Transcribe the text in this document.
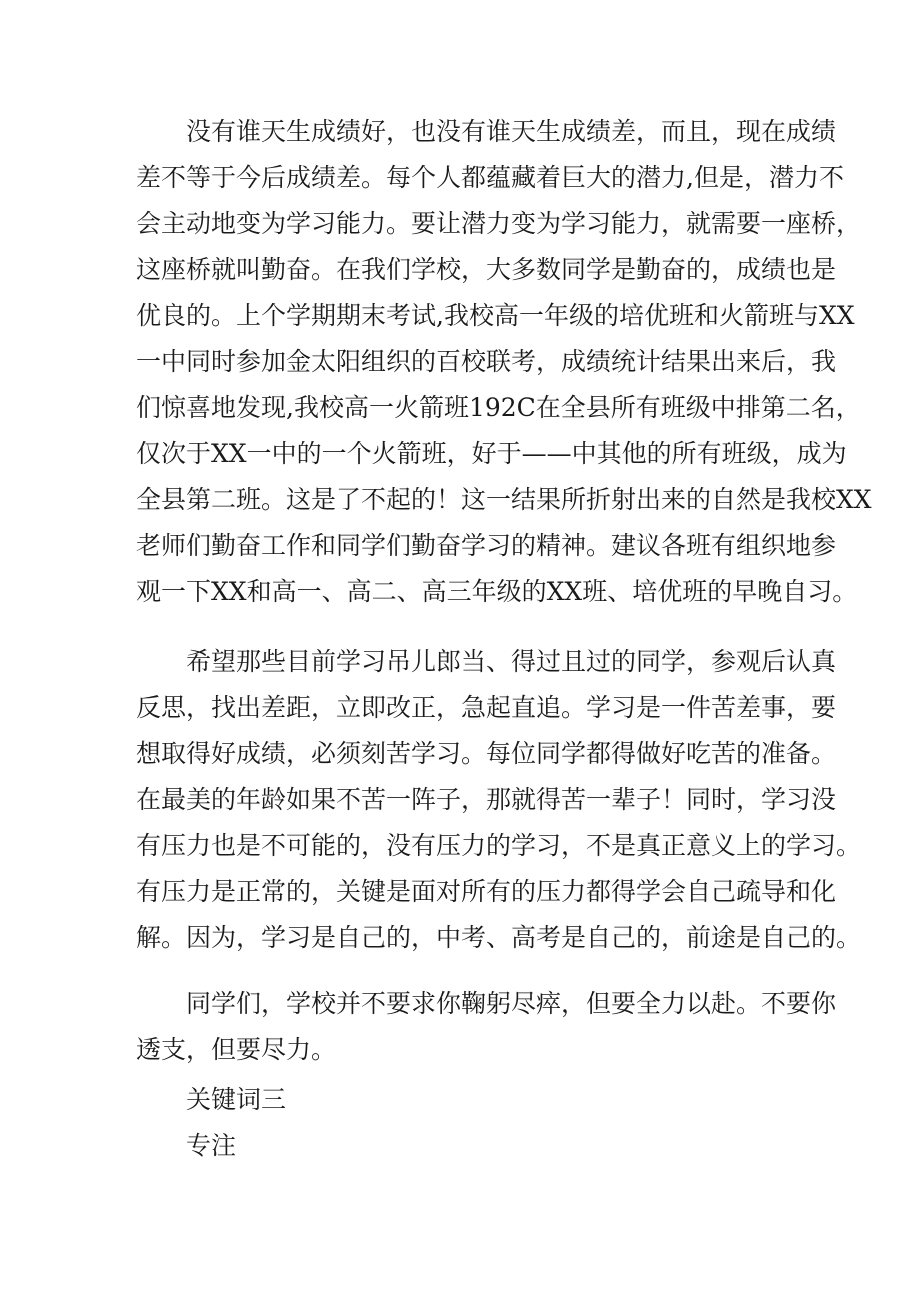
没有谁天生成绩好，也没有谁天生成绩差，而且，现在成绩
差不等于今后成绩差。每个人都蕴藏着巨大的潜力,但是，潜力不
会主动地变为学习能力。要让潜力变为学习能力，就需要一座桥，
这座桥就叫勤奋。在我们学校，大多数同学是勤奋的，成绩也是
优良的。上个学期期末考试,我校高一年级的培优班和火箭班与XX
一中同时参加金太阳组织的百校联考，成绩统计结果出来后，我
们惊喜地发现,我校高一火箭班192C在全县所有班级中排第二名，
仅次于XX一中的一个火箭班，好于——中其他的所有班级，成为
全县第二班。这是了不起的！这一结果所折射出来的自然是我校XX
老师们勤奋工作和同学们勤奋学习的精神。建议各班有组织地参
观一下XX和高一、高二、高三年级的XX班、培优班的早晚自习。
希望那些目前学习吊儿郎当、得过且过的同学，参观后认真
反思，找出差距，立即改正，急起直追。学习是一件苦差事，要
想取得好成绩，必须刻苦学习。每位同学都得做好吃苦的准备。
在最美的年龄如果不苦一阵子，那就得苦一辈子！同时，学习没
有压力也是不可能的，没有压力的学习，不是真正意义上的学习。
有压力是正常的，关键是面对所有的压力都得学会自己疏导和化
解。因为，学习是自己的，中考、高考是自己的，前途是自己的。
同学们，学校并不要求你鞠躬尽瘁，但要全力以赴。不要你
透支，但要尽力。
关键词三
专注
